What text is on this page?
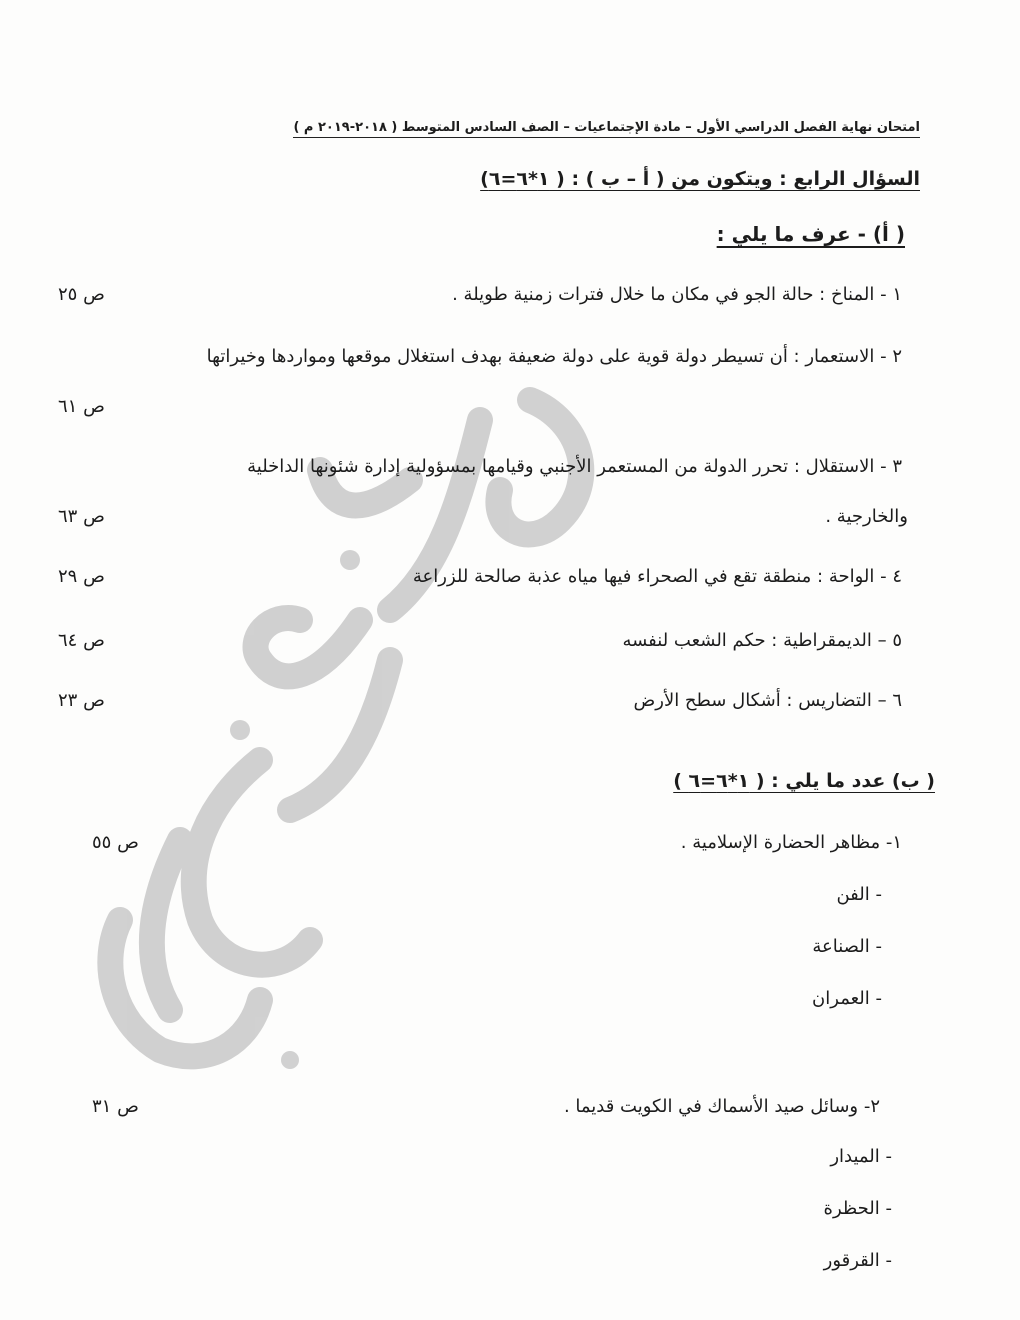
امتحان نهاية الفصل الدراسي الأول – مادة الإجتماعيات – الصف السادس المتوسط ( ٢٠١٨-٢٠١٩ م )
السؤال الرابع : ويتكون من ( أ – ب ) : ( ١*٦=٦)
( أ) - عرف ما يلي :
١ - المناخ : حالة الجو في مكان ما خلال فترات زمنية طويلة .
ص ٢٥
٢ - الاستعمار : أن تسيطر دولة قوية على دولة ضعيفة بهدف استغلال موقعها ومواردها وخيراتها
ص ٦١
٣ - الاستقلال : تحرر الدولة من المستعمر الأجنبي وقيامها بمسؤولية إدارة شئونها الداخلية
والخارجية .
ص ٦٣
٤ - الواحة : منطقة تقع في الصحراء فيها مياه عذبة صالحة للزراعة
ص ٢٩
٥ – الديمقراطية : حكم الشعب لنفسه
ص ٦٤
٦ – التضاريس : أشكال سطح الأرض
ص ٢٣
( ب) عدد ما يلي : ( ١*٦=٦ )
١- مظاهر الحضارة الإسلامية .
ص ٥٥
- الفن
- الصناعة
- العمران
٢- وسائل صيد الأسماك في الكويت قديما .
ص ٣١
- الميدار
- الحظرة
- القرقور
